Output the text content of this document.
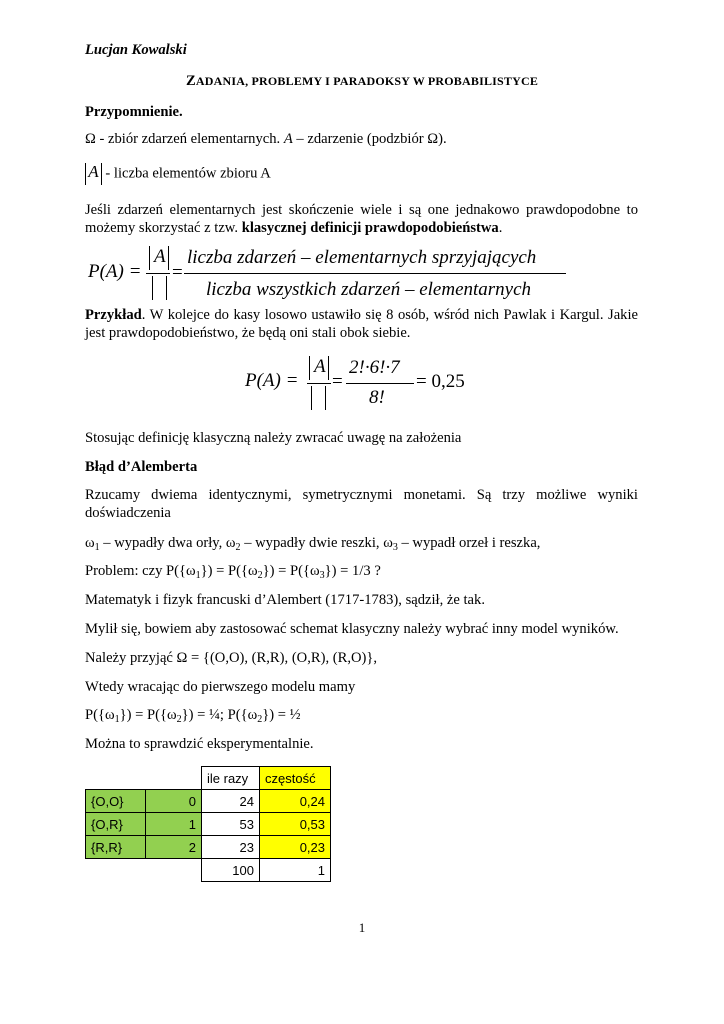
Lucjan Kowalski
ZADANIA, PROBLEMY I PARADOKSY W PROBABILISTYCE
Przypomnienie.
Ω - zbiór zdarzeń elementarnych. A – zdarzenie (podzbiór Ω).
A - liczba elementów zbioru A
Jeśli zdarzeń elementarnych jest skończenie wiele i są one jednakowo prawdopodobne to możemy skorzystać z tzw. klasycznej definicji prawdopodobieństwa.
P(A) =
A
=
liczba zdarzeń – elementarnych sprzyjających
liczba wszystkich zdarzeń – elementarnych
Przykład. W kolejce do kasy losowo ustawiło się 8 osób, wśród nich Pawlak i Kargul. Jakie jest prawdopodobieństwo, że będą oni stali obok siebie.
P(A) =
A
=
2!·6!·7
8!
= 0,25
Stosując definicję klasyczną należy zwracać uwagę na założenia
Błąd d’Alemberta
Rzucamy dwiema identycznymi, symetrycznymi monetami. Są trzy możliwe wyniki doświadczenia
$\omega_1$ – wypadły dwa orły, $\omega_2$ – wypadły dwie reszki, $\omega_3$ – wypadł orzeł i reszka,
Problem: czy $P(\{\omega_1\}) = P(\{\omega_2\}) = P(\{\omega_3\}) = 1/3$ ?
Matematyk i fizyk francuski d’Alembert (1717-1783), sądził, że tak.
Mylił się, bowiem aby zastosować schemat klasyczny należy wybrać inny model wyników.
Należy przyjąć Ω = {(O,O), (R,R), (O,R), (R,O)},
Wtedy wracając do pierwszego modelu mamy
$P(\{\omega_1\}) = P(\{\omega_2\})$ = ¼; $P(\{\omega_2\})$ = ½
Można to sprawdzić eksperymentalnie.
		ile razy	częstość
{O,O}	0	24	0,24
{O,R}	1	53	0,53
{R,R}	2	23	0,23
		100	1
1
